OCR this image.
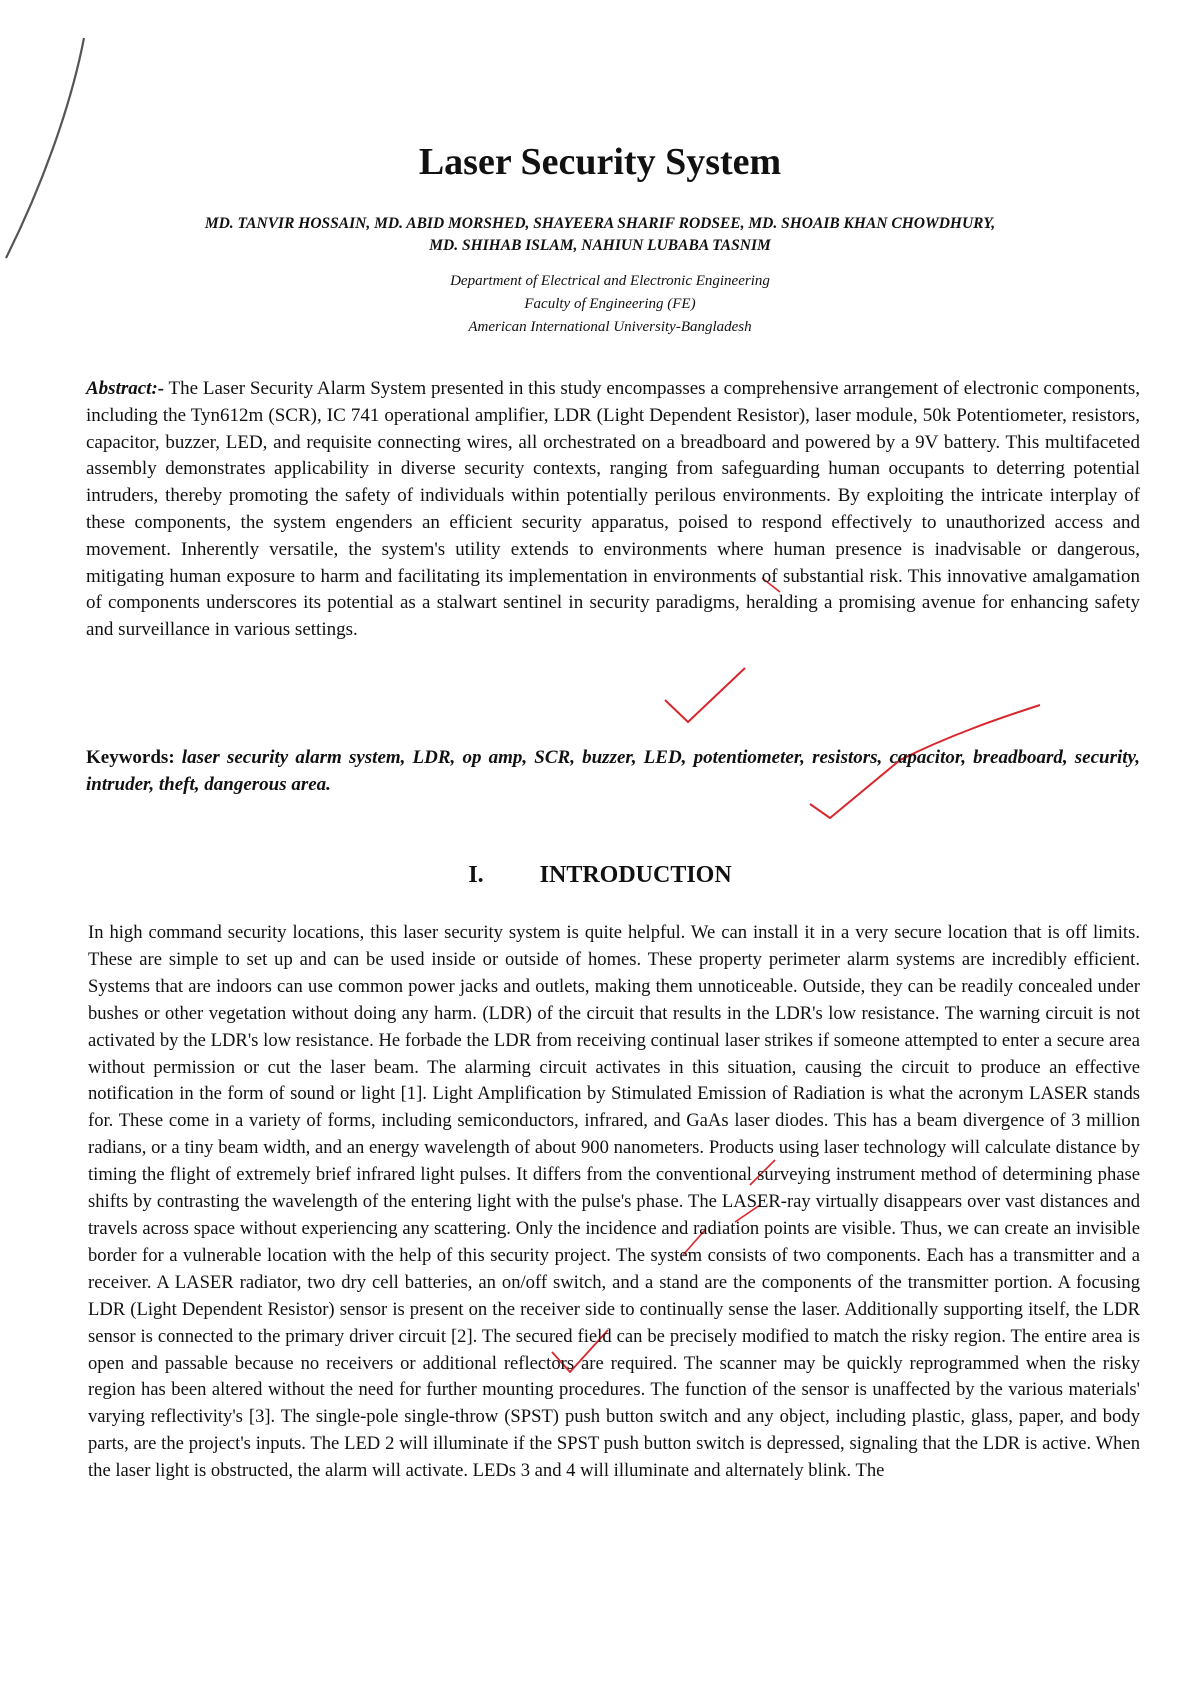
Laser Security System
MD. TANVIR HOSSAIN, MD. ABID MORSHED, SHAYEERA SHARIF RODSEE, MD. SHOAIB KHAN CHOWDHURY,
MD. SHIHAB ISLAM, NAHIUN LUBABA TASNIM
Department of Electrical and Electronic Engineering
Faculty of Engineering (FE)
American International University-Bangladesh

Abstract:- The Laser Security Alarm System presented in this study encompasses a comprehensive arrangement of electronic components, including the Tyn612m (SCR), IC 741 operational amplifier, LDR (Light Dependent Resistor), laser module, 50k Potentiometer, resistors, capacitor, buzzer, LED, and requisite connecting wires, all orchestrated on a breadboard and powered by a 9V battery. This multifaceted assembly demonstrates applicability in diverse security contexts, ranging from safeguarding human occupants to deterring potential intruders, thereby promoting the safety of individuals within potentially perilous environments. By exploiting the intricate interplay of these components, the system engenders an efficient security apparatus, poised to respond effectively to unauthorized access and movement. Inherently versatile, the system's utility extends to environments where human presence is inadvisable or dangerous, mitigating human exposure to harm and facilitating its implementation in environments of substantial risk. This innovative amalgamation of components underscores its potential as a stalwart sentinel in security paradigms, heralding a promising avenue for enhancing safety and surveillance in various settings.

Keywords: laser security alarm system, LDR, op amp, SCR, buzzer, LED, potentiometer, resistors, capacitor, breadboard, security, intruder, theft, dangerous area.

I. INTRODUCTION

In high command security locations, this laser security system is quite helpful. We can install it in a very secure location that is off limits. These are simple to set up and can be used inside or outside of homes. These property perimeter alarm systems are incredibly efficient. Systems that are indoors can use common power jacks and outlets, making them unnoticeable. Outside, they can be readily concealed under bushes or other vegetation without doing any harm. (LDR) of the circuit that results in the LDR's low resistance. The warning circuit is not activated by the LDR's low resistance. He forbade the LDR from receiving continual laser strikes if someone attempted to enter a secure area without permission or cut the laser beam. The alarming circuit activates in this situation, causing the circuit to produce an effective notification in the form of sound or light [1]. Light Amplification by Stimulated Emission of Radiation is what the acronym LASER stands for. These come in a variety of forms, including semiconductors, infrared, and GaAs laser diodes. This has a beam divergence of 3 million radians, or a tiny beam width, and an energy wavelength of about 900 nanometers. Products using laser technology will calculate distance by timing the flight of extremely brief infrared light pulses. It differs from the conventional surveying instrument method of determining phase shifts by contrasting the wavelength of the entering light with the pulse's phase. The LASER-ray virtually disappears over vast distances and travels across space without experiencing any scattering. Only the incidence and radiation points are visible. Thus, we can create an invisible border for a vulnerable location with the help of this security project. The system consists of two components. Each has a transmitter and a receiver. A LASER radiator, two dry cell batteries, an on/off switch, and a stand are the components of the transmitter portion. A focusing LDR (Light Dependent Resistor) sensor is present on the receiver side to continually sense the laser. Additionally supporting itself, the LDR sensor is connected to the primary driver circuit [2]. The secured field can be precisely modified to match the risky region. The entire area is open and passable because no receivers or additional reflectors are required. The scanner may be quickly reprogrammed when the risky region has been altered without the need for further mounting procedures. The function of the sensor is unaffected by the various materials' varying reflectivity's [3]. The single-pole single-throw (SPST) push button switch and any object, including plastic, glass, paper, and body parts, are the project's inputs. The LED 2 will illuminate if the SPST push button switch is depressed, signaling that the LDR is active. When the laser light is obstructed, the alarm will activate. LEDs 3 and 4 will illuminate and alternately blink. The
